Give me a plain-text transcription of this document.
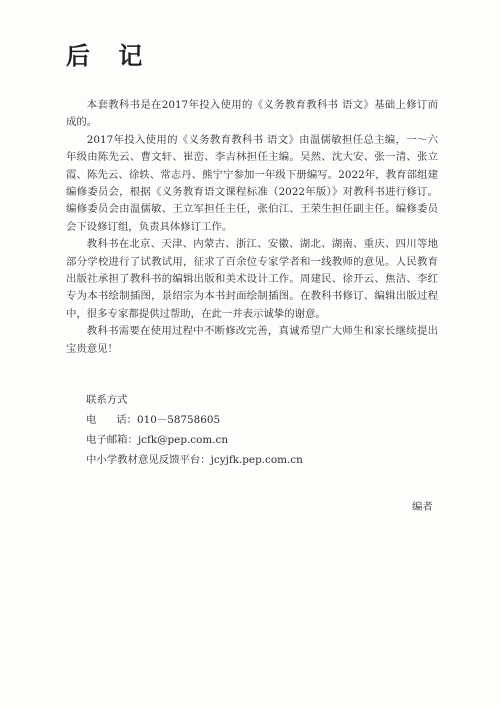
后 记

本套教科书是在2017年投入使用的《义务教育教科书 语文》基础上修订而成的。

2017年投入使用的《义务教育教科书 语文》由温儒敏担任总主编，一～六年级由陈先云、曹文轩、崔峦、李吉林担任主编。吴然、沈大安、张一清、张立霞、陈先云、徐轶、常志丹、熊宁宁参加一年级下册编写。2022年，教育部组建编修委员会，根据《义务教育语文课程标准（2022年版）》对教科书进行修订。编修委员会由温儒敏、王立军担任主任，张伯江、王荣生担任副主任。编修委员会下设修订组，负责具体修订工作。

教科书在北京、天津、内蒙古、浙江、安徽、湖北、湖南、重庆、四川等地部分学校进行了试教试用，征求了百余位专家学者和一线教师的意见。人民教育出版社承担了教科书的编辑出版和美术设计工作。周建民、徐开云、焦洁、李红专为本书绘制插图，景绍宗为本书封面绘制插图。在教科书修订、编辑出版过程中，很多专家都提供过帮助，在此一并表示诚挚的谢意。

教科书需要在使用过程中不断修改完善，真诚希望广大师生和家长继续提出宝贵意见！

联系方式

电      话：010－58758605

电子邮箱：jcfk@pep.com.cn

中小学教材意见反馈平台：jcyjfk.pep.com.cn

编者
